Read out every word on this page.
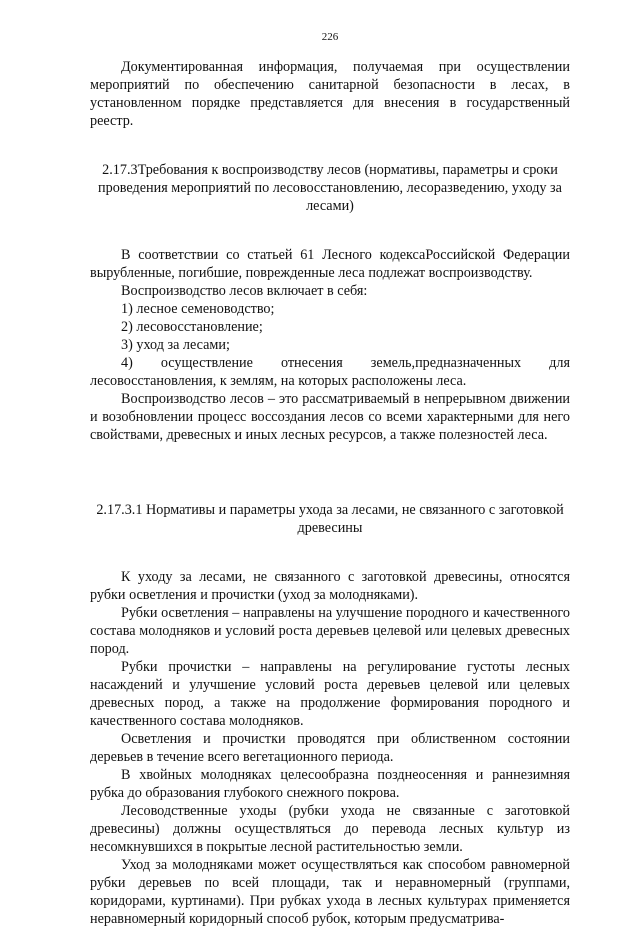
226

Документированная информация, получаемая при осуществлении мероприятий по обеспечению санитарной безопасности в лесах, в установленном порядке представляется для внесения в государственный реестр.

2.17.3Требования к воспроизводству лесов (нормативы, параметры и сроки проведения мероприятий по лесовосстановлению, лесоразведению, уходу за лесами)

В соответствии со статьей 61 Лесного кодексаРоссийской Федерации вырубленные, погибшие, поврежденные леса подлежат воспроизводству.

Воспроизводство лесов включает в себя:

1) лесное семеноводство;

2) лесовосстановление;

3) уход за лесами;

4) осуществление отнесения земель,предназначенных для лесовосстановления, к землям, на которых расположены леса.

Воспроизводство лесов – это рассматриваемый в непрерывном движении и возобновлении процесс воссоздания лесов со всеми характерными для него свойствами, древесных и иных лесных ресурсов, а также полезностей леса.

2.17.3.1 Нормативы и параметры ухода за лесами, не связанного с заготовкой древесины

К уходу за лесами, не связанного с заготовкой древесины, относятся рубки осветления и прочистки (уход за молодняками).

Рубки осветления – направлены на улучшение породного и качественного состава молодняков и условий роста деревьев целевой или целевых древесных пород.

Рубки прочистки – направлены на регулирование густоты лесных насаждений и улучшение условий роста деревьев целевой или целевых древесных пород, а также на продолжение формирования породного и качественного состава молодняков.

Осветления и прочистки проводятся при облиственном состоянии деревьев в течение всего вегетационного периода.

В хвойных молодняках целесообразна позднеосенняя и раннезимняя рубка до образования глубокого снежного покрова.

Лесоводственные уходы (рубки ухода не связанные с заготовкой древесины) должны осуществляться до перевода лесных культур из несомкнувшихся в покрытые лесной растительностью земли.

Уход за молодняками может осуществляться как способом равномерной рубки деревьев по всей площади, так и неравномерный (группами, коридорами, куртинами). При рубках ухода в лесных культурах применяется неравномерный коридорный способ рубок, которым предусматрива-
